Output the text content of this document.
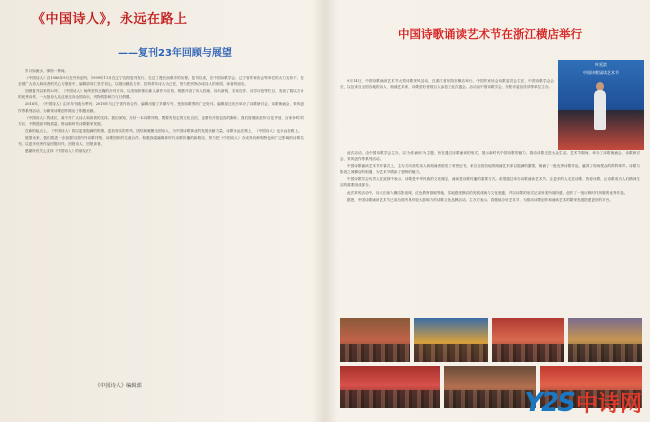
《中国诗人》，永远在路上
——复刊23年回顾与展望

岁月如流水，弹指一挥间。

《中国诗人》自1988年9月在丹东创刊，1999年11月在辽宁沈阳复刊发行，走过了漫长而艰辛的历程。复刊以来，在中国诗歌学会、辽宁省作家协会等单位的大力支持下，在全国广大诗人和读者的关心与厚爱中，编辑部同仁坚守初心，以推出精品力作、扶持青年诗人为己任，努力把刊物办成诗人的家园、读者的朋友。

回顾复刊以来的23年，《中国诗人》始终坚持正确的办刊方向，以发现和推出新人新作为宗旨，相继开设了诗人档案、诗坛新锐、名家近作、诗学评论等栏目，发表了数以万计的优秀诗作，一大批诗人从这里走向全国诗坛，刊物的影响力与日俱增。

2016年，《中国诗人》由半年刊改为季刊；2018年与辽宁省作协合作，编辑出版了多期专号，受到诗歌界的广泛好评。编辑部还先后举办了诗歌研讨会、诗歌朗诵会、采风创作等系列活动，为繁荣诗歌创作做出了积极贡献。

《中国诗人》的成长，离不开广大诗人和读者的支持。我们深知，办好一本诗歌刊物，既要有坚定的文化自信，也要有开放包容的胸怀。我们将继续坚持'百花齐放、百家争鸣'的方针，不断提高刊物质量，推动新时代诗歌繁荣发展。

在新的起点上，《中国诗人》将以更加饱满的热情，更加务实的作风，团结和凝聚全国诗人，为中国诗歌事业的发展贡献力量。诗歌永远在路上，《中国诗人》也永远在路上。

展望未来，我们将进一步加强与国内外诗歌刊物、诗歌团体的交流合作，积极探索融媒体时代诗歌传播的新路径，努力把《中国诗人》办成具有鲜明特色和广泛影响的诗歌名刊，以更多优秀作品回报时代、回报诗人、回报读者。

感谢所有关心支持《中国诗人》的朋友们！

《中国诗人》编辑部
中国诗歌诵读艺术节在浙江横店举行

9月14日，中国诗歌诵读艺术节大型诗歌采风活动，在浙江省东阳市横店举行。中国作家协会诗歌委员会主任，中国诗歌学会会长，以及来自全国各地的诗人、朗诵艺术家、诗歌爱好者数百人参加了此次盛会。活动由中国诗歌学会、东阳市委宣传部等单位主办。

中国诗歌诵读艺术节
叶延滨

此次活动，由中国诗歌学会主办，以'为你诵读'为主题，旨在通过诗歌诵读的形式，展示新时代中国诗歌的魅力，推动诗歌走进大众生活。艺术节期间，举办了诗歌朗诵会、诗歌研讨会、采风创作等系列活动。

中国诗歌诵读艺术节开幕式上，主办方向获奖诗人和朗诵者颁发了荣誉证书。来自全国各地的朗诵艺术家以饱满的激情，朗诵了一批优秀诗歌作品，赢得了现场观众的阵阵掌声。诗歌与影视之城横店的相遇，为艺术节增添了独特的魅力。

中国诗歌学会负责人在致辞中表示，诗歌是中华民族的文化瑰宝，诵读是诗歌传播的重要方式。希望通过举办诗歌诵读艺术节，让更多的人走近诗歌、热爱诗歌，让诗歌成为人们精神生活的重要组成部分。

此次采风活动中，诗人们深入横店影视城、红色教育基地等地，实地感受横店的发展成就与文化底蕴，并以诗歌的形式记录所见所闻所感，创作了一批反映时代风貌的优秀作品。

据悉，中国诗歌诵读艺术节已成为国内具有较大影响力的诗歌文化品牌活动。主办方表示，将继续办好艺术节，为推动诗歌创作和诵读艺术的繁荣发展搭建更好的平台。

Y2S 中诗网
